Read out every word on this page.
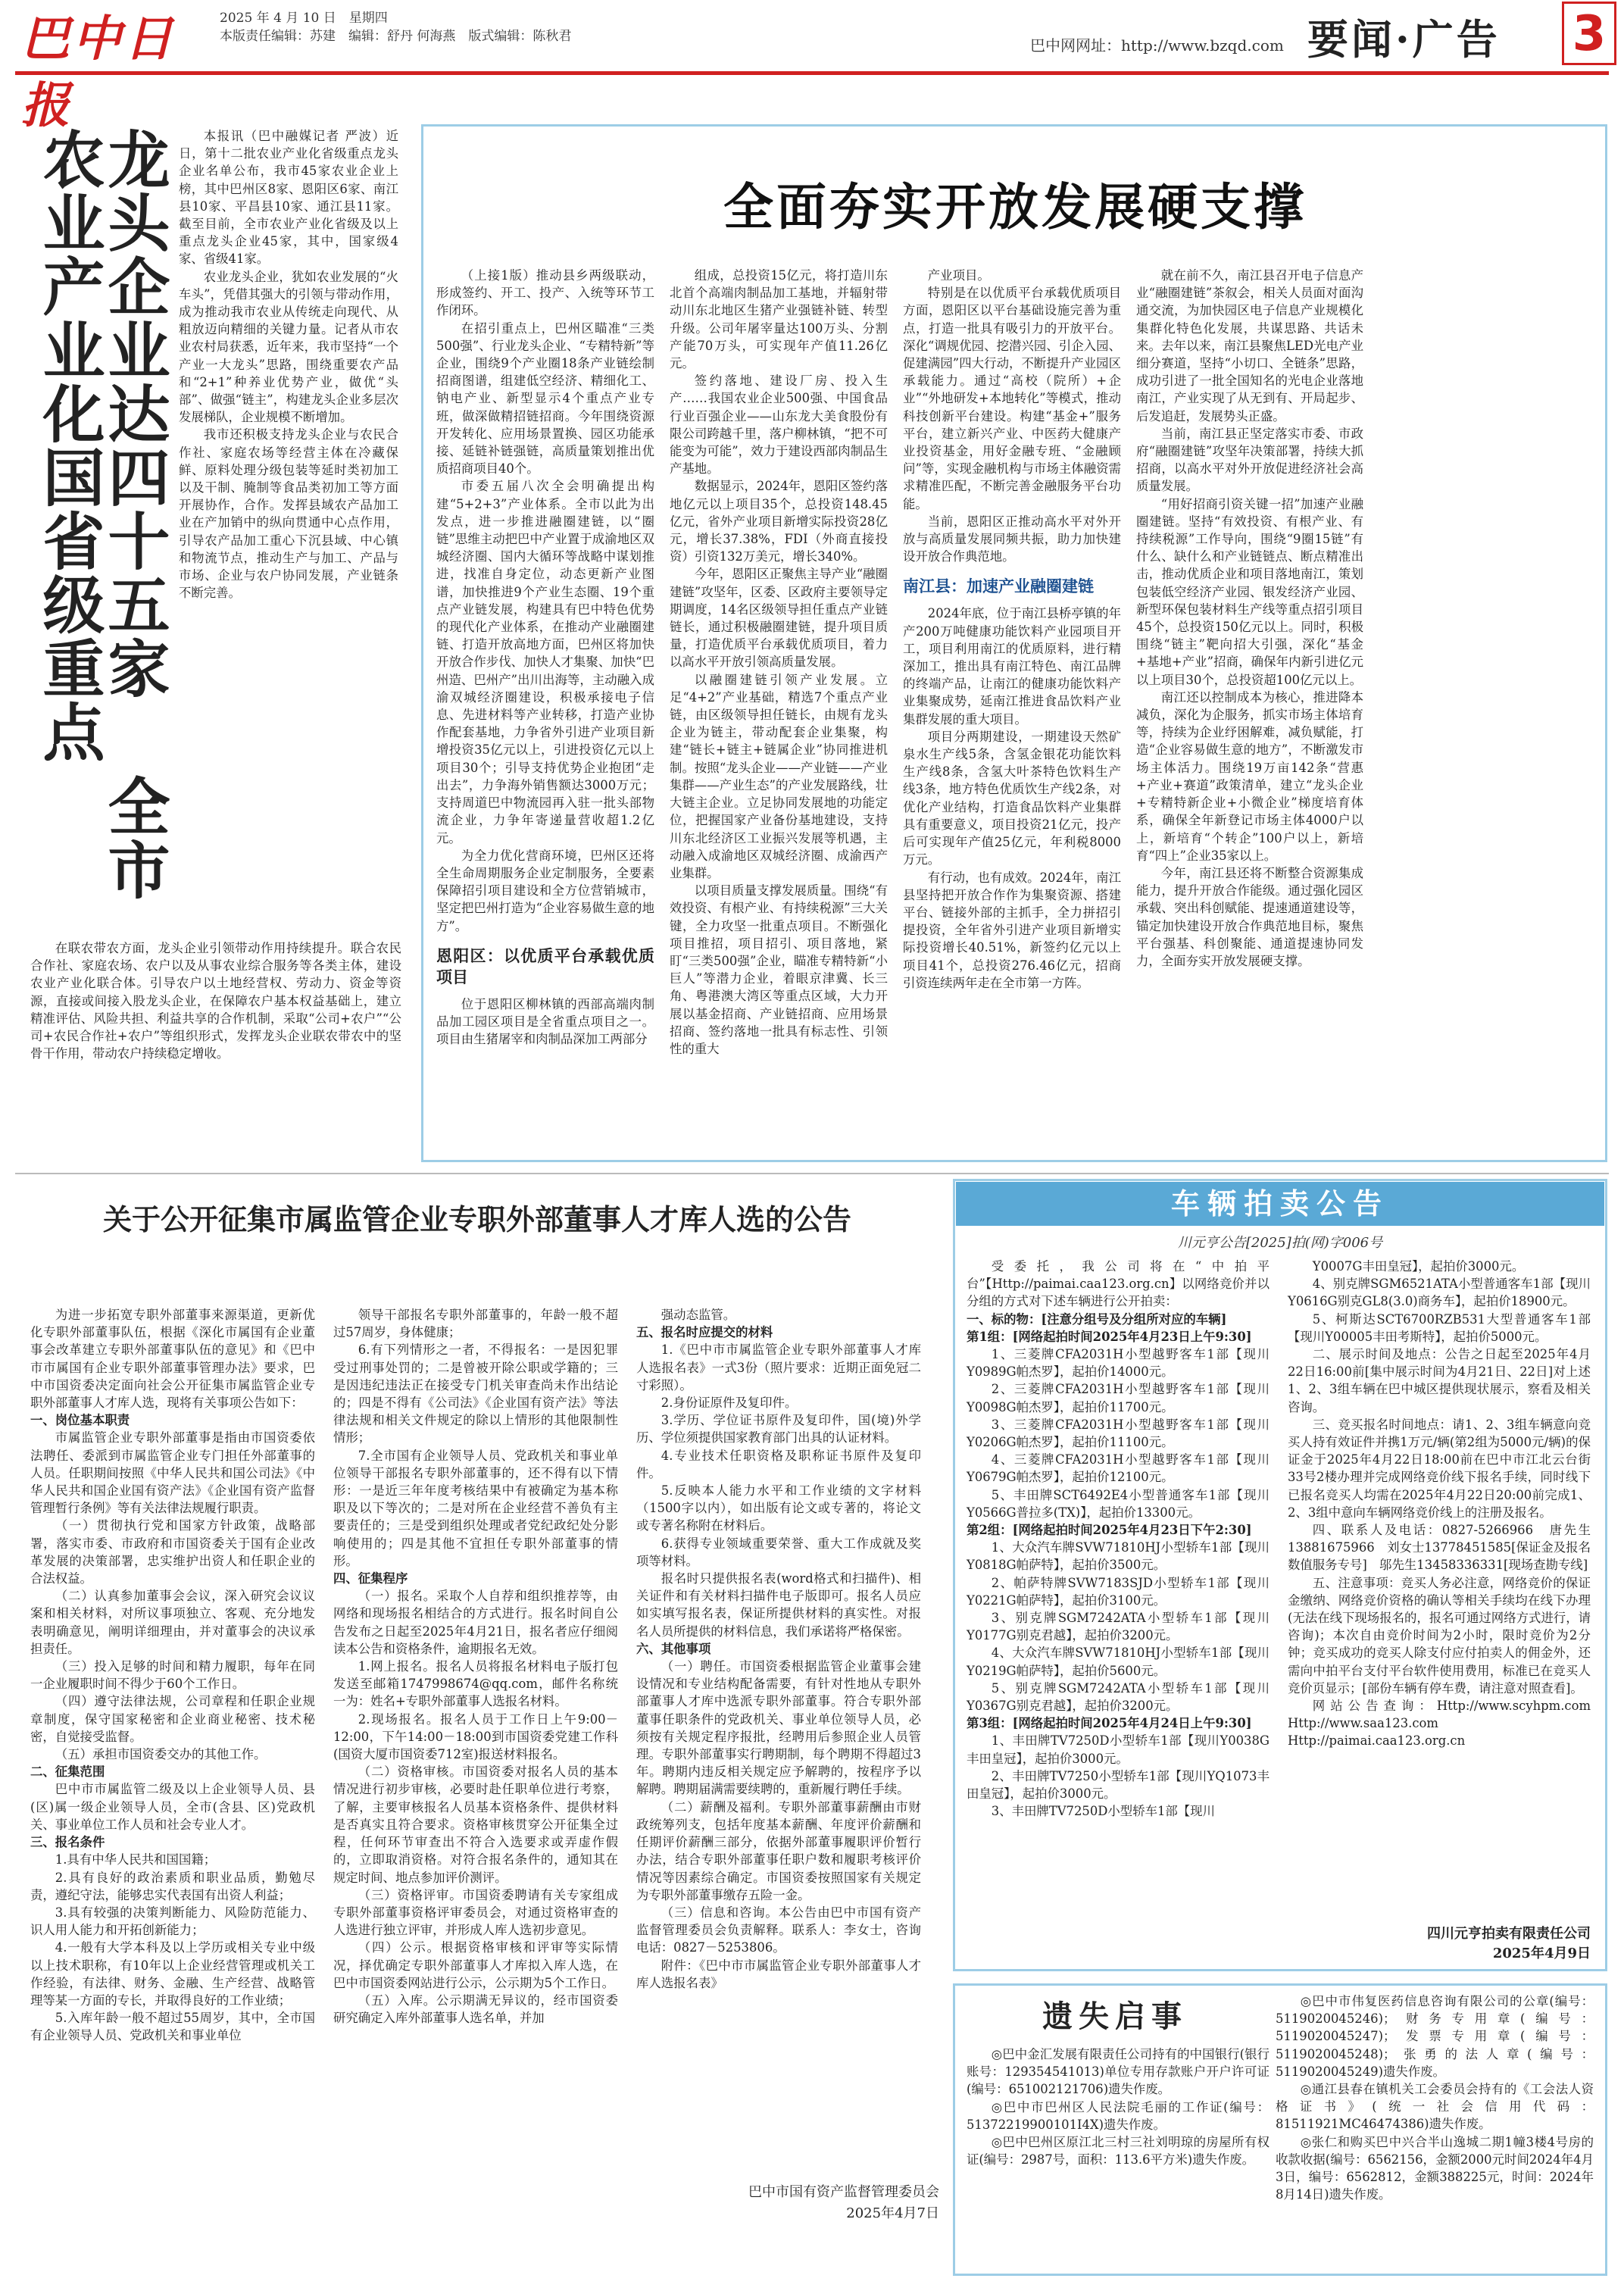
巴中日报
2025 年 4 月 10 日　星期四
本版责任编辑：苏建　编辑：舒丹 何海燕　版式编辑：陈秋君	巴中网网址：http://www.bzqd.com 要闻·广告 3
龙头企业达四十五家 全市农业产业化国省级重点	本报讯（巴中融媒记者 严波）近日，第十二批农业产业化省级重点龙头企业名单公布，我市45家农业企业上榜，其中巴州区8家、恩阳区6家、南江县10家、平昌县10家、通江县11家。截至目前，全市农业产业化省级及以上重点龙头企业45家，其中，国家级4家、省级41家。

农业龙头企业，犹如农业发展的“火车头”，凭借其强大的引领与带动作用，成为推动我市农业从传统走向现代、从粗放迈向精细的关键力量。记者从市农业农村局获悉，近年来，我市坚持“一个产业一大龙头”思路，围绕重要农产品和“2+1”种养业优势产业，做优“头部”、做强“链主”，构建龙头企业多层次发展梯队，企业规模不断增加。

我市还积极支持龙头企业与农民合作社、家庭农场等经营主体在冷藏保鲜、原料处理分级包装等延时类初加工以及干制、腌制等食品类初加工等方面开展协作，合作。发挥县域农产品加工业在产加销中的纵向贯通中心点作用，引导农产品加工重心下沉县域、中心镇和物流节点，推动生产与加工、产品与市场、企业与农户协同发展，产业链条不断完善。

在联农带农方面，龙头企业引领带动作用持续提升。联合农民合作社、家庭农场、农户以及从事农业综合服务等各类主体，建设农业产业化联合体。引导农户以土地经营权、劳动力、资金等资源，直接或间接入股龙头企业，在保障农户基本权益基础上，建立精准评估、风险共担、利益共享的合作机制，采取“公司+农户”“公司+农民合作社+农户”等组织形式，发挥龙头企业联农带农中的坚骨干作用，带动农户持续稳定增收。

全面夯实开放发展硬支撑

（上接1版）推动县乡两级联动，形成签约、开工、投产、入统等环节工作闭环。

在招引重点上，巴州区瞄准“三类500强”、行业龙头企业、“专精特新”等企业，围绕9个产业圈18条产业链绘制招商图谱，组建低空经济、精细化工、钠电产业、新型显示4个重点产业专班，做深做精招链招商。今年围绕资源开发转化、应用场景置换、园区功能承接、延链补链强链，高质量策划推出优质招商项目40个。

市委五届八次全会明确提出构建“5+2+3”产业体系。全市以此为出发点，进一步推进融圈建链，以“圈链”思维主动把巴中产业置于成渝地区双城经济圈、国内大循环等战略中谋划推进，找准自身定位，动态更新产业图谱，加快推进9个产业生态圈、19个重点产业链发展，构建具有巴中特色优势的现代化产业体系，在推动产业融圈建链、打造开放高地方面，巴州区将加快开放合作步伐、加快人才集聚、加快“巴州造、巴州产”出川出海等，主动融入成渝双城经济圈建设，积极承接电子信息、先进材料等产业转移，打造产业协作配套基地，力争省外引进产业项目新增投资35亿元以上，引进投资亿元以上项目30个；引导支持优势企业抱团“走出去”，力争海外销售额达3000万元；支持周道巴中物流园再入驻一批头部物流企业，力争年寄递量营收超1.2亿元。

为全力优化营商环境，巴州区还将全生命周期服务企业定制服务，全要素保障招引项目建设和全方位营销城市，坚定把巴州打造为“企业容易做生意的地方”。

恩阳区：以优质平台承载优质项目

位于恩阳区柳林镇的西部高端肉制品加工园区项目是全省重点项目之一。项目由生猪屠宰和肉制品深加工两部分

组成，总投资15亿元，将打造川东北首个高端肉制品加工基地，并辐射带动川东北地区生猪产业强链补链、转型升级。公司年屠宰量达100万头、分割产能70万头，可实现年产值11.26亿元。

签约落地、建设厂房、投入生产……我国农业企业500强、中国食品行业百强企业——山东龙大美食股份有限公司跨越千里，落户柳林镇，“把不可能变为可能”，效力于建设西部肉制品生产基地。

数据显示，2024年，恩阳区签约落地亿元以上项目35个，总投资148.45亿元，省外产业项目新增实际投资28亿元，增长37.38%，FDI（外商直接投资）引资132万美元，增长340%。

今年，恩阳区正聚焦主导产业“融圈建链”攻坚年，区委、区政府主要领导定期调度，14名区级领导担任重点产业链链长，通过积极融圈建链，提升项目质量，打造优质平台承载优质项目，着力以高水平开放引领高质量发展。

以融圈建链引领产业发展。立足“4+2”产业基础，精选7个重点产业链，由区级领导担任链长，由规有龙头企业为链主，带动配套企业集聚，构建“链长+链主+链属企业”协同推进机制。按照“龙头企业——产业链——产业集群——产业生态”的产业发展路线，壮大链主企业。立足协同发展地的功能定位，把握国家产业备份基地建设，支持川东北经济区工业振兴发展等机遇，主动融入成渝地区双城经济圈、成渝西产业集群。

以项目质量支撑发展质量。围绕“有效投资、有根产业、有持续税源”三大关键，全力攻坚一批重点项目。不断强化项目推招，项目招引、项目落地，紧盯“三类500强”企业，瞄准专精特新“小巨人”等潜力企业，着眼京津冀、长三角、粤港澳大湾区等重点区域，大力开展以基金招商、产业链招商、应用场景招商、签约落地一批具有标志性、引领性的重大

产业项目。

特别是在以优质平台承载优质项目方面，恩阳区以平台基础设施完善为重点，打造一批具有吸引力的开放平台。深化“调规优园、挖潜兴园、引企入园、促建满园”四大行动，不断提升产业园区承载能力。通过“高校（院所）+企业”“外地研发+本地转化”等模式，推动科技创新平台建设。构建“基金+”服务平台，建立新兴产业、中医药大健康产业投资基金，用好金融专班、“金融顾问”等，实现金融机构与市场主体融资需求精准匹配，不断完善金融服务平台功能。

当前，恩阳区正推动高水平对外开放与高质量发展同频共振，助力加快建设开放合作典范地。

南江县：加速产业融圈建链

2024年底，位于南江县桥亭镇的年产200万吨健康功能饮料产业园项目开工，项目利用南江的优质原料，进行精深加工，推出具有南江特色、南江品牌的终端产品，让南江的健康功能饮料产业集聚成势，延南江推进食品饮料产业集群发展的重大项目。

项目分两期建设，一期建设天然矿泉水生产线5条，含氢金银花功能饮料生产线8条，含氢大叶茶特色饮料生产线3条，地方特色优质饮生产线2条，对优化产业结构，打造食品饮料产业集群具有重要意义，项目投资21亿元，投产后可实现年产值25亿元，年利税8000万元。

有行动，也有成效。2024年，南江县坚持把开放合作作为集聚资源、搭建平台、链接外部的主抓手，全力拼招引提投资，全年省外引进产业项目新增实际投资增长40.51%，新签约亿元以上项目41个，总投资276.46亿元，招商引资连续两年走在全市第一方阵。

就在前不久，南江县召开电子信息产业“融圈建链”茶叙会，相关人员面对面沟通交流，为加快园区电子信息产业规模化集群化特色化发展，共谋思路、共话未来。去年以来，南江县聚焦LED光电产业细分赛道，坚持“小切口、全链条”思路，成功引进了一批全国知名的光电企业落地南江，产业实现了从无到有、开局起步、后发追赶，发展势头正盛。

当前，南江县正坚定落实市委、市政府“融圈建链”攻坚年决策部署，持续大抓招商，以高水平对外开放促进经济社会高质量发展。

“用好招商引资关键一招”加速产业融圈建链。坚持“有效投资、有根产业、有持续税源”工作导向，围绕“9圈15链”有什么、缺什么和产业链链点、断点精准出击，推动优质企业和项目落地南江，策划包装低空经济产业园、银发经济产业园、新型环保包装材料生产线等重点招引项目45个，总投资150亿元以上。同时，积极围绕“链主”靶向招大引强，深化“基金+基地+产业”招商，确保年内新引进亿元以上项目30个，总投资超100亿元以上。

南江还以控制成本为核心，推进降本减负，深化为企服务，抓实市场主体培育等，持续为企业纾困解难，减负赋能，打造“企业容易做生意的地方”，不断激发市场主体活力。围绕19万亩142条“营惠+产业+赛道”政策清单，建立“龙头企业+专精特新企业+小微企业”梯度培育体系，确保全年新登记市场主体4000户以上，新培育“个转企”100户以上，新培育“四上”企业35家以上。

今年，南江县还将不断整合资源集成能力，提升开放合作能级。通过强化园区承载、突出科创赋能、提速通道建设等，锚定加快建设开放合作典范地目标，聚焦平台强基、科创聚能、通道提速协同发力，全面夯实开放发展硬支撑。

关于公开征集市属监管企业专职外部董事人才库人选的公告

为进一步拓宽专职外部董事来源渠道，更新优化专职外部董事队伍，根据《深化市属国有企业董事会改革建立专职外部董事队伍的意见》和《巴中市市属国有企业专职外部董事管理办法》要求，巴中市国资委决定面向社会公开征集市属监管企业专职外部董事人才库人选，现将有关事项公告如下：

一、岗位基本职责

市属监管企业专职外部董事是指由市国资委依法聘任、委派到市属监管企业专门担任外部董事的人员。任职期间按照《中华人民共和国公司法》《中华人民共和国企业国有资产法》《企业国有资产监督管理暂行条例》等有关法律法规履行职责。

（一）贯彻执行党和国家方针政策，战略部署，落实市委、市政府和市国资委关于国有企业改革发展的决策部署，忠实维护出资人和任职企业的合法权益。

（二）认真参加董事会会议，深入研究会议议案和相关材料，对所议事项独立、客观、充分地发表明确意见，阐明详细理由，并对董事会的决议承担责任。

（三）投入足够的时间和精力履职，每年在同一企业履职时间不得少于60个工作日。

（四）遵守法律法规，公司章程和任职企业规章制度，保守国家秘密和企业商业秘密、技术秘密，自觉接受监督。

（五）承担市国资委交办的其他工作。

二、征集范围

巴中市市属监管二级及以上企业领导人员、县(区)属一级企业领导人员，全市(含县、区)党政机关、事业单位工作人员和社会专业人才。

三、报名条件

1.具有中华人民共和国国籍；

2.具有良好的政治素质和职业品质，勤勉尽责，遵纪守法，能够忠实代表国有出资人利益；

3.具有较强的决策判断能力、风险防范能力、识人用人能力和开拓创新能力；

4.一般有大学本科及以上学历或相关专业中级以上技术职称，有10年以上企业经营管理或机关工作经验，有法律、财务、金融、生产经营、战略管理等某一方面的专长，并取得良好的工作业绩；

5.入库年龄一般不超过55周岁，其中，全市国有企业领导人员、党政机关和事业单位

领导干部报名专职外部董事的，年龄一般不超过57周岁，身体健康；

6.有下列情形之一者，不得报名：一是因犯罪受过刑事处罚的；二是曾被开除公职或学籍的；三是因违纪违法正在接受专门机关审查尚未作出结论的；四是不得有《公司法》《企业国有资产法》等法律法规和相关文件规定的除以上情形的其他限制性情形；

7.全市国有企业领导人员、党政机关和事业单位领导干部报名专职外部董事的，还不得有以下情形：一是近三年年度考核结果中有被确定为基本称职及以下等次的；二是对所在企业经营不善负有主要责任的；三是受到组织处理或者党纪政纪处分影响使用的；四是其他不宜担任专职外部董事的情形。

四、征集程序

（一）报名。采取个人自荐和组织推荐等，由网络和现场报名相结合的方式进行。报名时间自公告发布之日起至2025年4月21日，报名者应仔细阅读本公告和资格条件，逾期报名无效。

1.网上报名。报名人员将报名材料电子版打包发送至邮箱1747998674@qq.com，邮件名称统一为：姓名+专职外部董事人选报名材料。

2.现场报名。报名人员于工作日上午9:00－12:00，下午14:00－18:00到市国资委党建工作科(国资大厦市国资委712室)报送材料报名。

（二）资格审核。市国资委对报名人员的基本情况进行初步审核，必要时赴任职单位进行考察，了解，主要审核报名人员基本资格条件、提供材料是否真实且符合要求。资格审核贯穿公开征集全过程，任何环节审查出不符合入选要求或弄虚作假的，立即取消资格。对符合报名条件的，通知其在规定时间、地点参加评价测评。

（三）资格评审。市国资委聘请有关专家组成专职外部董事资格评审委员会，对通过资格审查的人选进行独立评审，并形成人库人选初步意见。

（四）公示。根据资格审核和评审等实际情况，择优确定专职外部董事人才库拟入库人选，在巴中市国资委网站进行公示，公示期为5个工作日。

（五）入库。公示期满无异议的，经市国资委研究确定入库外部董事人选名单，并加

强动态监管。

五、报名时应提交的材料

1.《巴中市市属监管企业专职外部董事人才库人选报名表》一式3份（照片要求：近期正面免冠二寸彩照）。

2.身份证原件及复印件。

3.学历、学位证书原件及复印件，国(境)外学历、学位须提供国家教育部门出具的认证材料。

4.专业技术任职资格及职称证书原件及复印件。

5.反映本人能力水平和工作业绩的文字材料（1500字以内），如出版有论文或专著的，将论文或专著名称附在材料后。

6.获得专业领域重要荣誉、重大工作成就及奖项等材料。

报名时只提供报名表(word格式和扫描件)、相关证件和有关材料扫描件电子版即可。报名人员应如实填写报名表，保证所提供材料的真实性。对报名人员所提供的材料信息，我们承诺将严格保密。

六、其他事项

（一）聘任。市国资委根据监管企业董事会建设情况和专业结构配备需要，有针对性地从专职外部董事人才库中选派专职外部董事。符合专职外部董事任职条件的党政机关、事业单位领导人员，必须按有关规定程序报批，经聘用后参照企业人员管理。专职外部董事实行聘期制，每个聘期不得超过3年。聘期内违反相关规定应予解聘的，按程序予以解聘。聘期届满需要续聘的，重新履行聘任手续。

（二）薪酬及福利。专职外部董事薪酬由市财政统筹列支，包括年度基本薪酬、年度评价薪酬和任期评价薪酬三部分，依据外部董事履职评价暂行办法，结合专职外部董事任职户数和履职考核评价情况等因素综合确定。市国资委按照国家有关规定为专职外部董事缴存五险一金。

（三）信息和咨询。本公告由巴中市国有资产监督管理委员会负责解释。联系人：李女士，咨询电话：0827－5253806。

附件：《巴中市市属监管企业专职外部董事人才库人选报名表》

巴中市国有资产监督管理委员会
2025年4月7日
车辆拍卖公告
川元亨公告[2025]拍(网)字006号

受委托，我公司将在“中拍平台”【Http://paimai.caa123.org.cn】以网络竞价并以分组的方式对下述车辆进行公开拍卖：

一、标的物：[注意分组号及分组所对应的车辆]

第1组：[网络起拍时间2025年4月23日上午9:30]

1、三菱牌CFA2031H小型越野客车1部【现川Y0989G帕杰罗】，起拍价14000元。

2、三菱牌CFA2031H小型越野客车1部【现川Y0098G帕杰罗】，起拍价11700元。

3、三菱牌CFA2031H小型越野客车1部【现川Y0206G帕杰罗】，起拍价11100元。

4、三菱牌CFA2031H小型越野客车1部【现川Y0679G帕杰罗】，起拍价12100元。

5、丰田牌SCT6492E4小型普通客车1部【现川Y0566G普拉多(TX)】，起拍价13300元。

第2组：[网络起拍时间2025年4月23日下午2:30]

1、大众汽车牌SVW71810HJ小型轿车1部【现川Y0818G帕萨特】，起拍价3500元。

2、帕萨特牌SVW7183SJD小型轿车1部【现川Y0221G帕萨特】，起拍价3100元。

3、别克牌SGM7242ATA小型轿车1部【现川Y0177G别克君越】，起拍价3200元。

4、大众汽车牌SVW71810HJ小型轿车1部【现川Y0219G帕萨特】，起拍价5600元。

5、别克牌SGM7242ATA小型轿车1部【现川Y0367G别克君越】，起拍价3200元。

第3组：[网络起拍时间2025年4月24日上午9:30]

1、丰田牌TV7250D小型轿车1部【现川Y0038G丰田皇冠】，起拍价3000元。

2、丰田牌TV7250小型轿车1部【现川YQ1073丰田皇冠】，起拍价3000元。

3、丰田牌TV7250D小型轿车1部【现川

Y0007G丰田皇冠】，起拍价3000元。

4、别克牌SGM6521ATA小型普通客车1部【现川Y0616G别克GL8(3.0)商务车】，起拍价18900元。

5、柯斯达SCT6700RZB531大型普通客车1部【现川Y00005丰田考斯特】，起拍价5000元。

二、展示时间及地点：公告之日起至2025年4月22日16:00前[集中展示时间为4月21日、22日]对上述1、2、3组车辆在巴中城区提供现状展示，察看及相关咨询。

三、竞买报名时间地点：请1、2、3组车辆意向竞买人持有效证件并携1万元/辆(第2组为5000元/辆)的保证金于2025年4月22日18:00前在巴中市江北云台街33号2楼办理并完成网络竞价线下报名手续，同时线下已报名竞买人均需在2025年4月22日20:00前完成1、2、3组中意向车辆网络竞价线上的注册及报名。

四、联系人及电话：0827-5266966　唐先生13881675966　刘女士13778451585[保证金及报名数值服务专号]　邬先生13458336331[现场查勘专线]

五、注意事项：竞买人务必注意，网络竞价的保证金缴纳、网络竞价资格的确认等相关手续均在线下办理(无法在线下现场报名的，报名可通过网络方式进行，请咨询)；本次自由竞价时间为2小时，限时竞价为2分钟；竞买成功的竞买人除支付应付拍卖人的佣金外，还需向中拍平台支付平台软件使用费用，标准已在竞买人竞价页显示；[部份车辆有停车费，请注意对照查看]。

网站公告查询：Http://www.scyhpm.com　Http://www.saa123.com　Http://paimai.caa123.org.cn

四川元亨拍卖有限责任公司
2025年4月9日
遗失启事

◎巴中金汇发展有限责任公司持有的中国银行(银行账号：129354541013)单位专用存款账户开户许可证(编号：651002121706)遗失作废。

◎巴中市巴州区人民法院毛丽的工作证(编号：51372219900101I4X)遗失作废。

◎巴中巴州区原江北三村三社刘明琼的房屋所有权证(编号：2987号，面积：113.6平方米)遗失作废。

◎巴中市伟复医药信息咨询有限公司的公章(编号：5119020045246)；财务专用章(编号：5119020045247)；发票专用章(编号：5119020045248)；张勇的法人章(编号：5119020045249)遗失作废。

◎通江县春在镇机关工会委员会持有的《工会法人资格证书》(统一社会信用代码：81511921MC46474386)遗失作废。

◎张仁和购买巴中兴合半山逸城二期1幢3楼4号房的收款收据(编号：6562156，金额2000元时间2024年4月3日，编号：6562812，金额388225元，时间：2024年8月14日)遗失作废。
